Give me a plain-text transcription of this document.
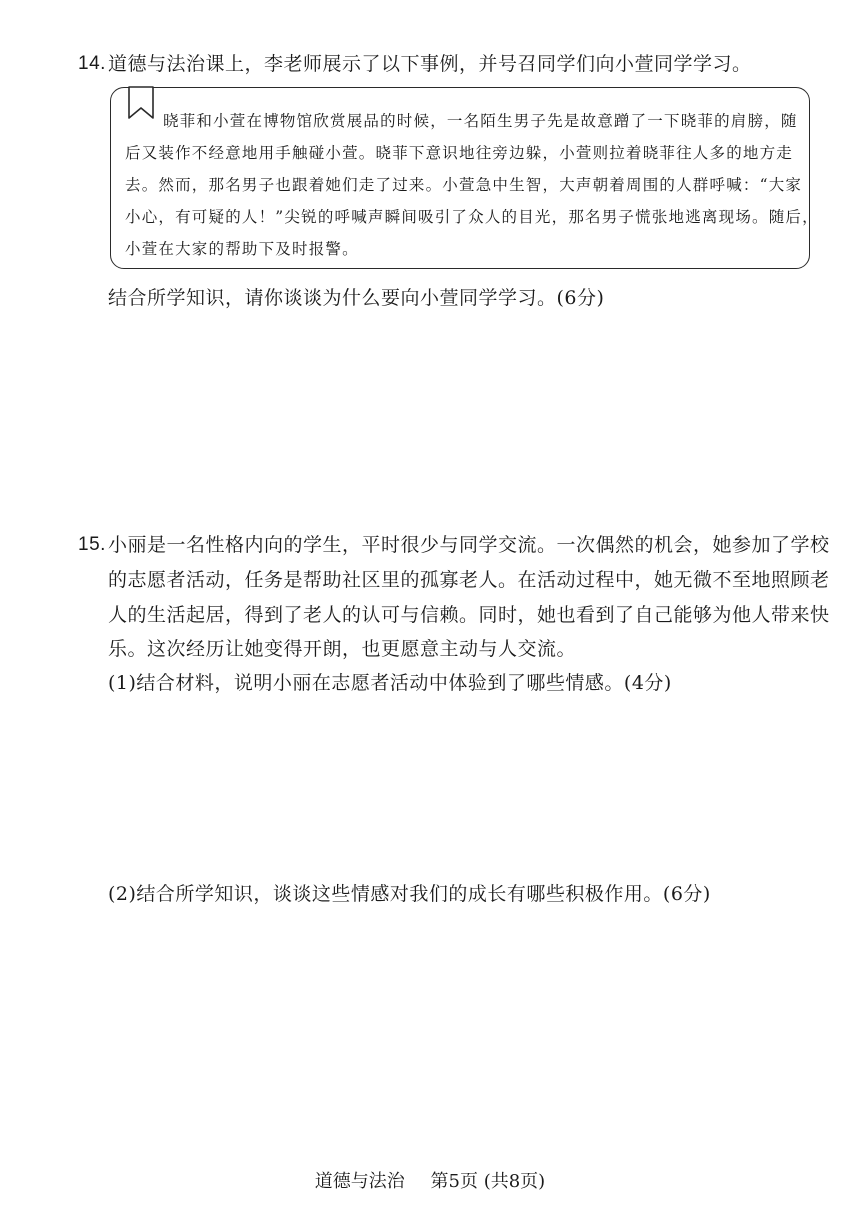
14. 道德与法治课上，李老师展示了以下事例，并号召同学们向小萱同学学习。
晓菲和小萱在博物馆欣赏展品的时候，一名陌生男子先是故意蹭了一下晓菲的肩膀，随
后又装作不经意地用手触碰小萱。晓菲下意识地往旁边躲，小萱则拉着晓菲往人多的地方走
去。然而，那名男子也跟着她们走了过来。小萱急中生智，大声朝着周围的人群呼喊：“大家
小心，有可疑的人！”尖锐的呼喊声瞬间吸引了众人的目光，那名男子慌张地逃离现场。随后，
小萱在大家的帮助下及时报警。
结合所学知识，请你谈谈为什么要向小萱同学学习。(6分)
15. 小丽是一名性格内向的学生，平时很少与同学交流。一次偶然的机会，她参加了学校
的志愿者活动，任务是帮助社区里的孤寡老人。在活动过程中，她无微不至地照顾老
人的生活起居，得到了老人的认可与信赖。同时，她也看到了自己能够为他人带来快
乐。这次经历让她变得开朗，也更愿意主动与人交流。
(1)结合材料，说明小丽在志愿者活动中体验到了哪些情感。(4分)
(2)结合所学知识，谈谈这些情感对我们的成长有哪些积极作用。(6分)
道德与法治 第5页 (共8页)
